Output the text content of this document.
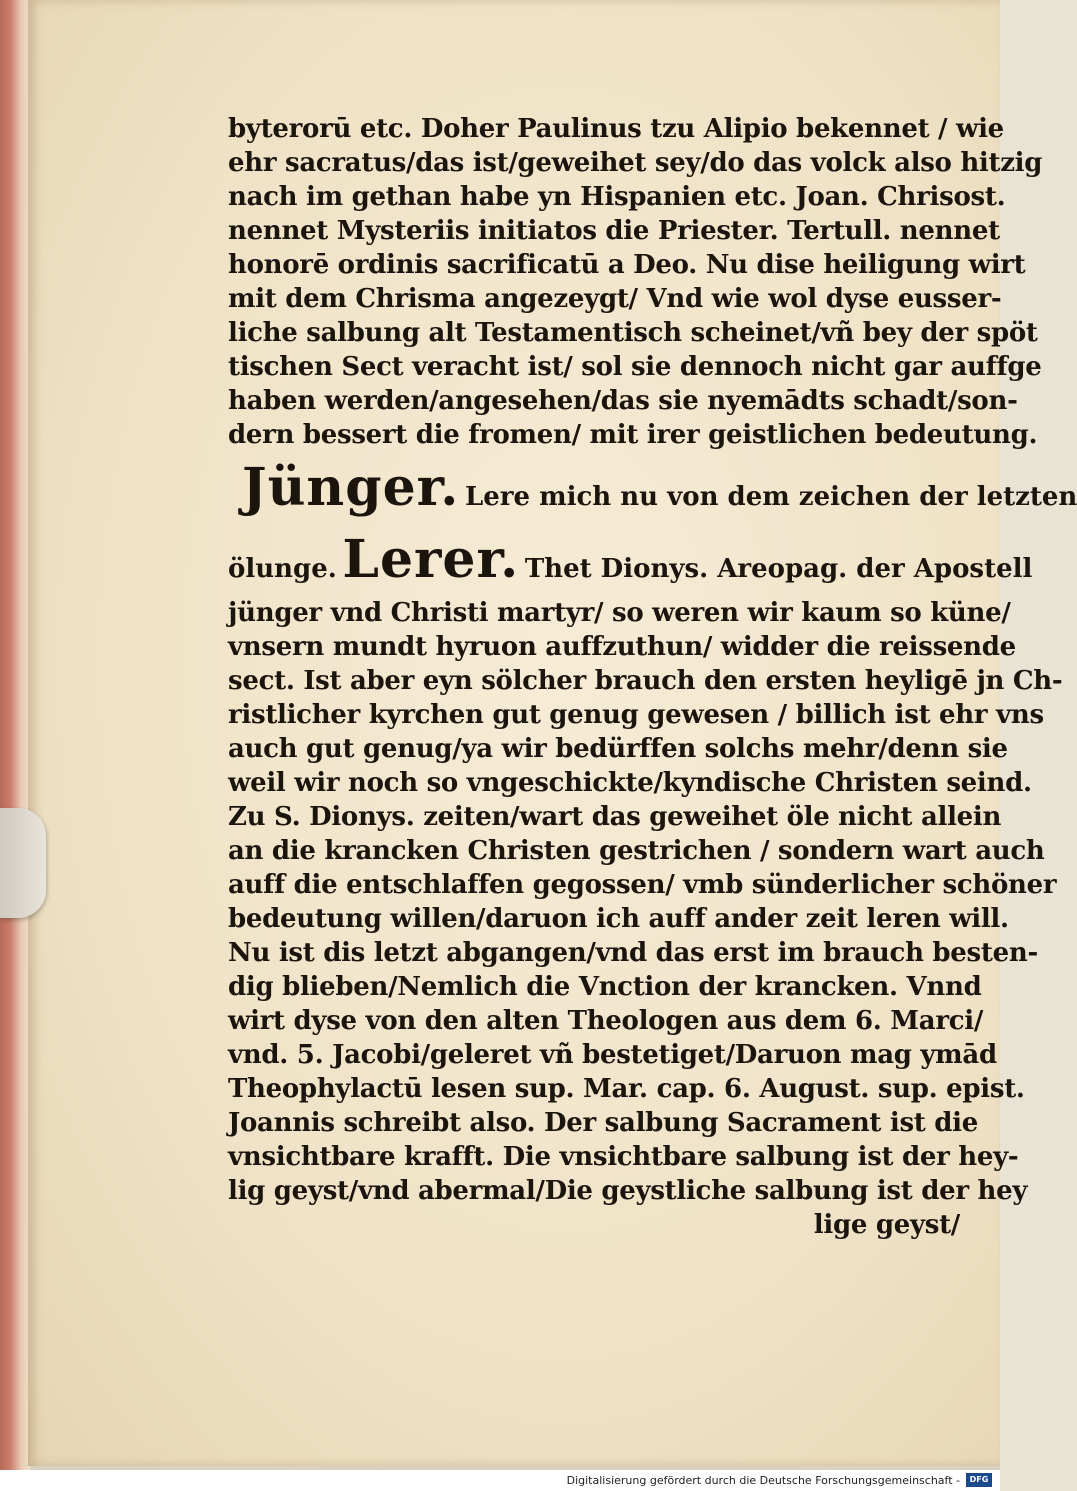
byterorū etc. Doher Paulinus tzu Alipio bekennet / wie
ehr sacratus/das ist/geweihet sey/do das volck also hitzig
nach im gethan habe yn Hispanien etc. Joan. Chrisost.
nennet Mysteriis initiatos die Priester. Tertull. nennet
honorē ordinis sacrificatū a Deo. Nu dise heiligung wirt
mit dem Chrisma angezeygt/ Vnd wie wol dyse eusser-
liche salbung alt Testamentisch scheinet/vñ bey der spöt
tischen Sect veracht ist/ sol sie dennoch nicht gar auffge
haben werden/angesehen/das sie nyemādts schadt/son-
dern bessert die fromen/ mit irer geistlichen bedeutung.
Jünger. Lere mich nu von dem zeichen der letzten
ölunge. Lerer. Thet Dionys. Areopag. der Apostell
jünger vnd Christi martyr/ so weren wir kaum so küne/
vnsern mundt hyruon auffzuthun/ widder die reissende
sect. Ist aber eyn sölcher brauch den ersten heyligē jn Ch-
ristlicher kyrchen gut genug gewesen / billich ist ehr vns
auch gut genug/ya wir bedürffen solchs mehr/denn sie
weil wir noch so vngeschickte/kyndische Christen seind.
Zu S. Dionys. zeiten/wart das geweihet öle nicht allein
an die krancken Christen gestrichen / sondern wart auch
auff die entschlaffen gegossen/ vmb sünderlicher schöner
bedeutung willen/daruon ich auff ander zeit leren will.
Nu ist dis letzt abgangen/vnd das erst im brauch besten-
dig blieben/Nemlich die Vnction der krancken. Vnnd
wirt dyse von den alten Theologen aus dem 6. Marci/
vnd. 5. Jacobi/geleret vñ bestetiget/Daruon mag ymād
Theophylactū lesen sup. Mar. cap. 6. August. sup. epist.
Joannis schreibt also. Der salbung Sacrament ist die
vnsichtbare krafft. Die vnsichtbare salbung ist der hey-
lig geyst/vnd abermal/Die geystliche salbung ist der hey
lige geyst/
Digitalisierung gefördert durch die Deutsche Forschungsgemeinschaft -	DFG
